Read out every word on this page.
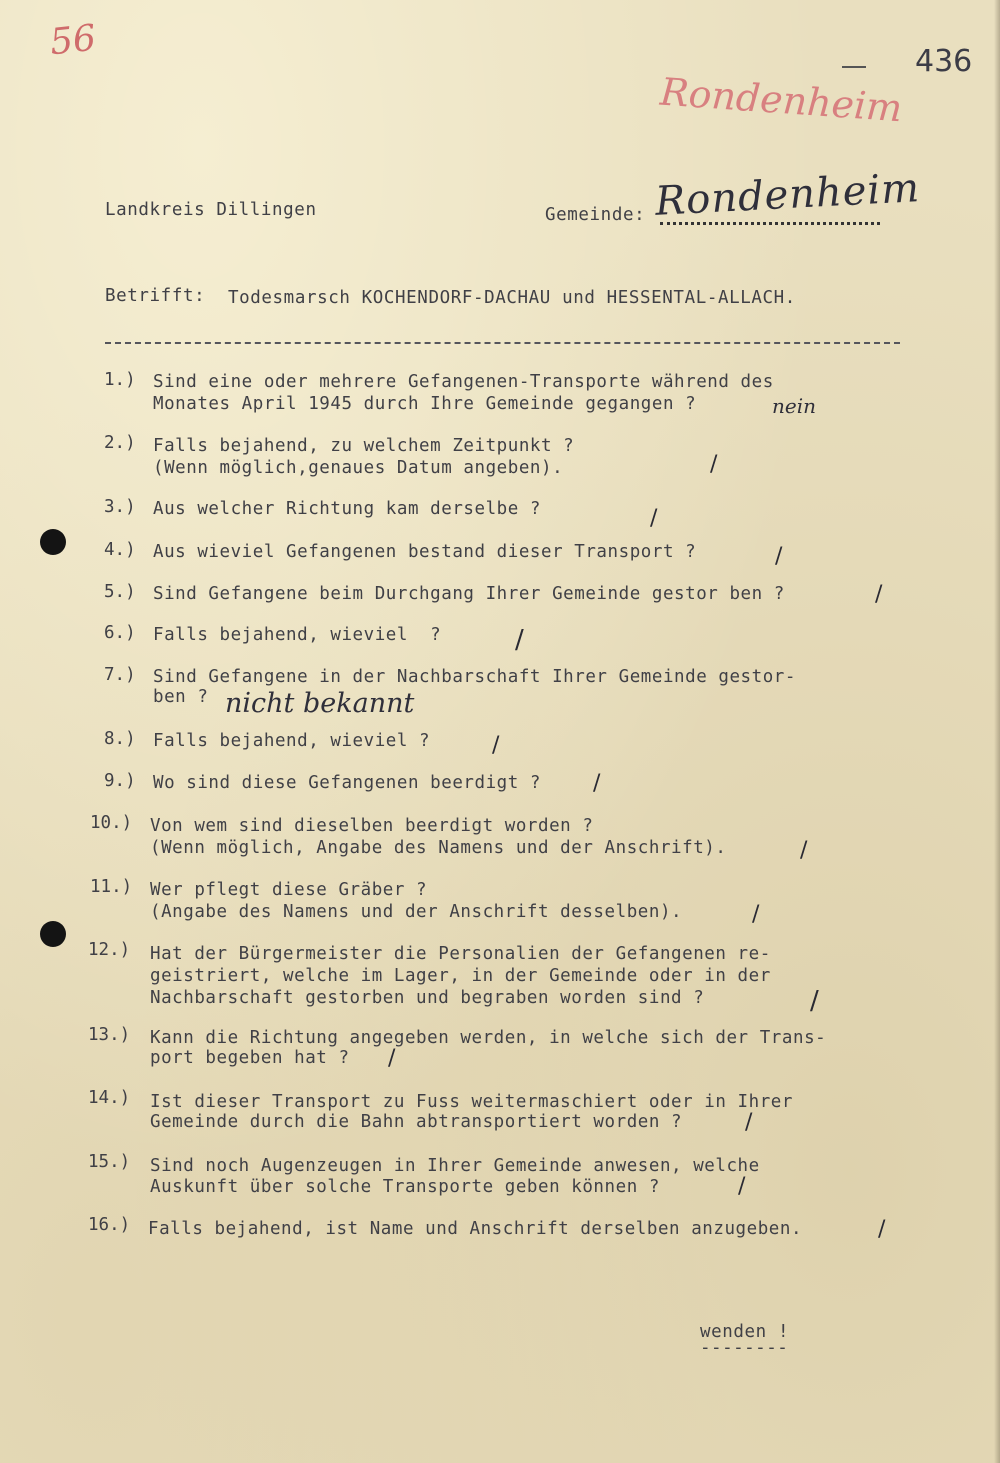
56	436
Rondenheim
Landkreis Dillingen	Gemeinde: Rondenheim
Betrifft: Todesmarsch KOCHENDORF-DACHAU und HESSENTAL-ALLACH.
1.) Sind eine oder mehrere Gefangenen-Transporte während des
Monates April 1945 durch Ihre Gemeinde gegangen ?	nein
2.) Falls bejahend, zu welchem Zeitpunkt ?
(Wenn möglich,genaues Datum angeben).	/
3.) Aus welcher Richtung kam derselbe ?	/
4.) Aus wieviel Gefangenen bestand dieser Transport ?	/
5.) Sind Gefangene beim Durchgang Ihrer Gemeinde gestor ben ?	/
6.) Falls bejahend, wieviel  ?	/
7.) Sind Gefangene in der Nachbarschaft Ihrer Gemeinde gestor-
ben ? nicht bekannt
8.) Falls bejahend, wieviel ?	/
9.) Wo sind diese Gefangenen beerdigt ? /
10.) Von wem sind dieselben beerdigt worden ?
(Wenn möglich, Angabe des Namens und der Anschrift).	/
11.) Wer pflegt diese Gräber ?
(Angabe des Namens und der Anschrift desselben).	/
12.) Hat der Bürgermeister die Personalien der Gefangenen re-
geistriert, welche im Lager, in der Gemeinde oder in der
Nachbarschaft gestorben und begraben worden sind ?	/
13.) Kann die Richtung angegeben werden, in welche sich der Trans-
port begeben hat ? /
14.) Ist dieser Transport zu Fuss weitermaschiert oder in Ihrer
Gemeinde durch die Bahn abtransportiert worden ?	/
15.) Sind noch Augenzeugen in Ihrer Gemeinde anwesen, welche
Auskunft über solche Transporte geben können ?	/
16.) Falls bejahend, ist Name und Anschrift derselben anzugeben.	/
wenden !
--------
